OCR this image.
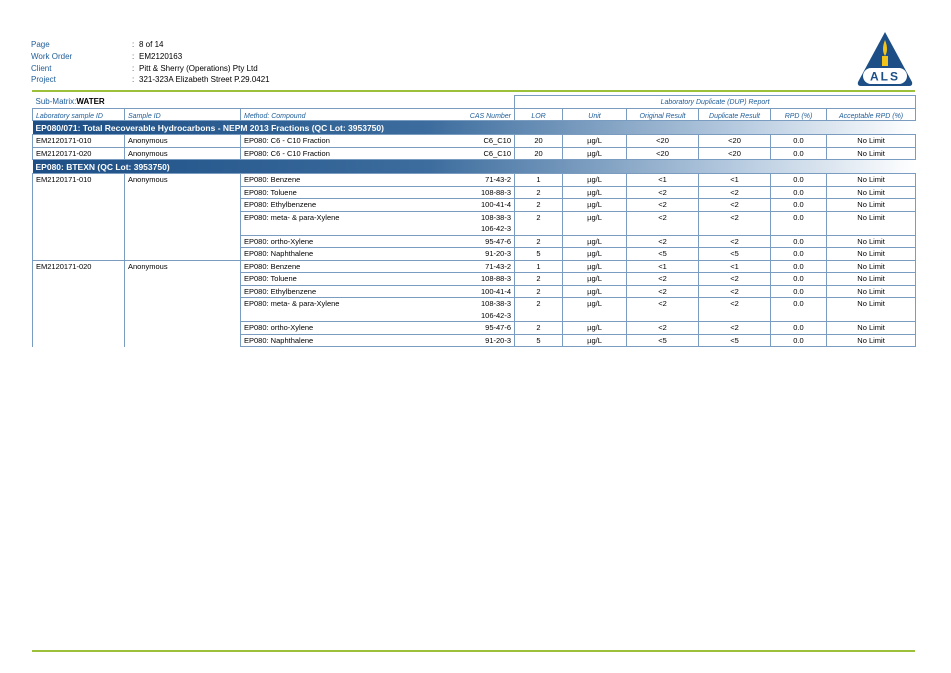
Page	: 8 of 14
Work Order	: EM2120163
Client	: Pitt & Sherry (Operations) Pty Ltd
Project	: 321-323A Elizabeth Street P.29.0421	ALS
Sub-Matrix:WATER				Laboratory Duplicate (DUP) Report					
Laboratory sample ID	Sample ID	Method: Compound	CAS Number	LOR	Unit	Original Result	Duplicate Result	RPD (%)	Acceptable RPD (%)
EP080/071: Total Recoverable Hydrocarbons - NEPM 2013 Fractions (QC Lot: 3953750)									
EM2120171-010	Anonymous	EP080: C6 - C10 Fraction	C6_C10	20	µg/L	<20	<20	0.0	No Limit
EM2120171-020	Anonymous	EP080: C6 - C10 Fraction	C6_C10	20	µg/L	<20	<20	0.0	No Limit
EP080: BTEXN (QC Lot: 3953750)									
EM2120171-010	Anonymous	EP080: Benzene	71-43-2	1	µg/L	<1	<1	0.0	No Limit
		EP080: Toluene	108-88-3	2	µg/L	<2	<2	0.0	No Limit
		EP080: Ethylbenzene	100-41-4	2	µg/L	<2	<2	0.0	No Limit
		EP080: meta- & para-Xylene	108-38-3	2	µg/L	<2	<2	0.0	No Limit
			106-42-3						
		EP080: ortho-Xylene	95-47-6	2	µg/L	<2	<2	0.0	No Limit
		EP080: Naphthalene	91-20-3	5	µg/L	<5	<5	0.0	No Limit
EM2120171-020	Anonymous	EP080: Benzene	71-43-2	1	µg/L	<1	<1	0.0	No Limit
		EP080: Toluene	108-88-3	2	µg/L	<2	<2	0.0	No Limit
		EP080: Ethylbenzene	100-41-4	2	µg/L	<2	<2	0.0	No Limit
		EP080: meta- & para-Xylene	108-38-3	2	µg/L	<2	<2	0.0	No Limit
			106-42-3						
		EP080: ortho-Xylene	95-47-6	2	µg/L	<2	<2	0.0	No Limit
		EP080: Naphthalene	91-20-3	5	µg/L	<5	<5	0.0	No Limit
